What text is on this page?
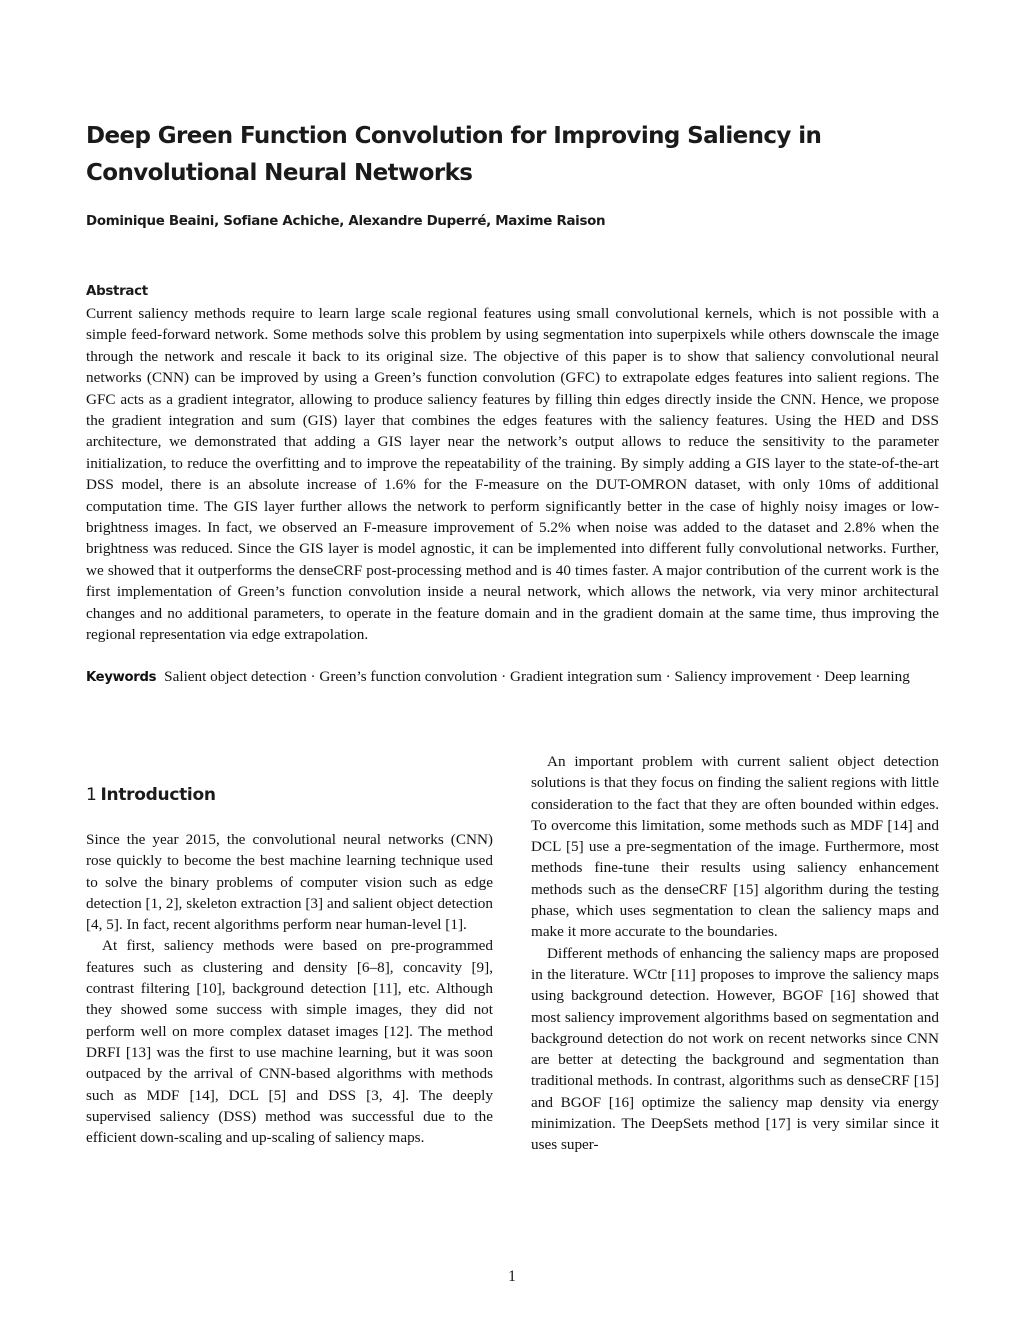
Deep Green Function Convolution for Improving Saliency in
Convolutional Neural Networks
Dominique Beaini, Sofiane Achiche, Alexandre Duperré, Maxime Raison
Abstract

Current saliency methods require to learn large scale regional features using small convolutional kernels, which is not possible with a simple feed-forward network. Some methods solve this problem by using segmentation into superpixels while others downscale the image through the network and rescale it back to its original size. The objective of this paper is to show that saliency convolutional neural networks (CNN) can be improved by using a Green’s function convolution (GFC) to extrapolate edges features into salient regions. The GFC acts as a gradient integrator, allowing to produce saliency features by filling thin edges directly inside the CNN. Hence, we propose the gradient integration and sum (GIS) layer that combines the edges features with the saliency features. Using the HED and DSS architecture, we demonstrated that adding a GIS layer near the network’s output allows to reduce the sensitivity to the parameter initialization, to reduce the overfitting and to improve the repeatability of the training. By simply adding a GIS layer to the state-of-the-art DSS model, there is an absolute increase of 1.6% for the F-measure on the DUT-OMRON dataset, with only 10ms of additional computation time. The GIS layer further allows the network to perform significantly better in the case of highly noisy images or low-brightness images. In fact, we observed an F-measure improvement of 5.2% when noise was added to the dataset and 2.8% when the brightness was reduced. Since the GIS layer is model agnostic, it can be implemented into different fully convolutional networks. Further, we showed that it outperforms the denseCRF post-processing method and is 40 times faster. A major contribution of the current work is the first implementation of Green’s function convolution inside a neural network, which allows the network, via very minor architectural changes and no additional parameters, to operate in the feature domain and in the gradient domain at the same time, thus improving the regional representation via edge extrapolation.

Keywords Salient object detection · Green’s function convolution · Gradient integration sum · Saliency improvement · Deep learning
1 Introduction

Since the year 2015, the convolutional neural networks (CNN) rose quickly to become the best machine learning technique used to solve the binary problems of computer vision such as edge detection [1, 2], skeleton extraction [3] and salient object detection [4, 5]. In fact, recent algorithms perform near human-level [1].

At first, saliency methods were based on pre-programmed features such as clustering and density [6–8], concavity [9], contrast filtering [10], background detection [11], etc. Although they showed some success with simple images, they did not perform well on more complex dataset images [12]. The method DRFI [13] was the first to use machine learning, but it was soon outpaced by the arrival of CNN-based algorithms with methods such as MDF [14], DCL [5] and DSS [3, 4]. The deeply supervised saliency (DSS) method was successful due to the efficient down-scaling and up-scaling of saliency maps.

An important problem with current salient object detection solutions is that they focus on finding the salient regions with little consideration to the fact that they are often bounded within edges. To overcome this limitation, some methods such as MDF [14] and DCL [5] use a pre-segmentation of the image. Furthermore, most methods fine-tune their results using saliency enhancement methods such as the denseCRF [15] algorithm during the testing phase, which uses segmentation to clean the saliency maps and make it more accurate to the boundaries.

Different methods of enhancing the saliency maps are proposed in the literature. WCtr [11] proposes to improve the saliency maps using background detection. However, BGOF [16] showed that most saliency improvement algorithms based on segmentation and background detection do not work on recent networks since CNN are better at detecting the background and segmentation than traditional methods. In contrast, algorithms such as denseCRF [15] and BGOF [16] optimize the saliency map density via energy minimization. The DeepSets method [17] is very similar since it uses super-

1
